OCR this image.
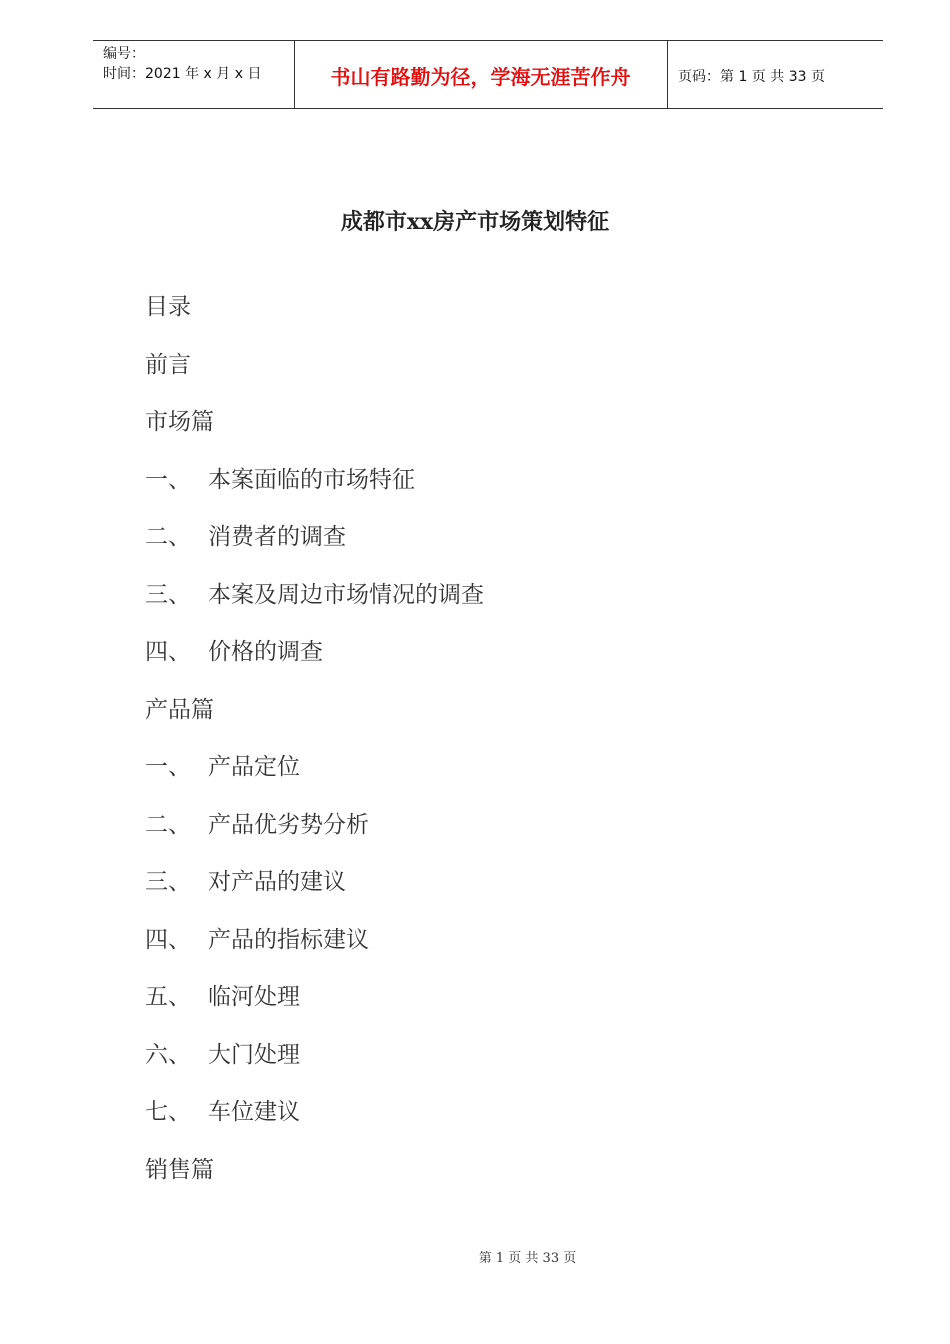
编号：
时间：2021 年 x 月 x 日	书山有路勤为径，学海无涯苦作舟	页码：第 1 页 共 33 页
成都市xx房产市场策划特征
目录
前言
市场篇
一、 本案面临的市场特征
二、 消费者的调查
三、 本案及周边市场情况的调查
四、 价格的调查
产品篇
一、 产品定位
二、 产品优劣势分析
三、 对产品的建议
四、 产品的指标建议
五、 临河处理
六、 大门处理
七、 车位建议
销售篇
第 1 页 共 33 页
